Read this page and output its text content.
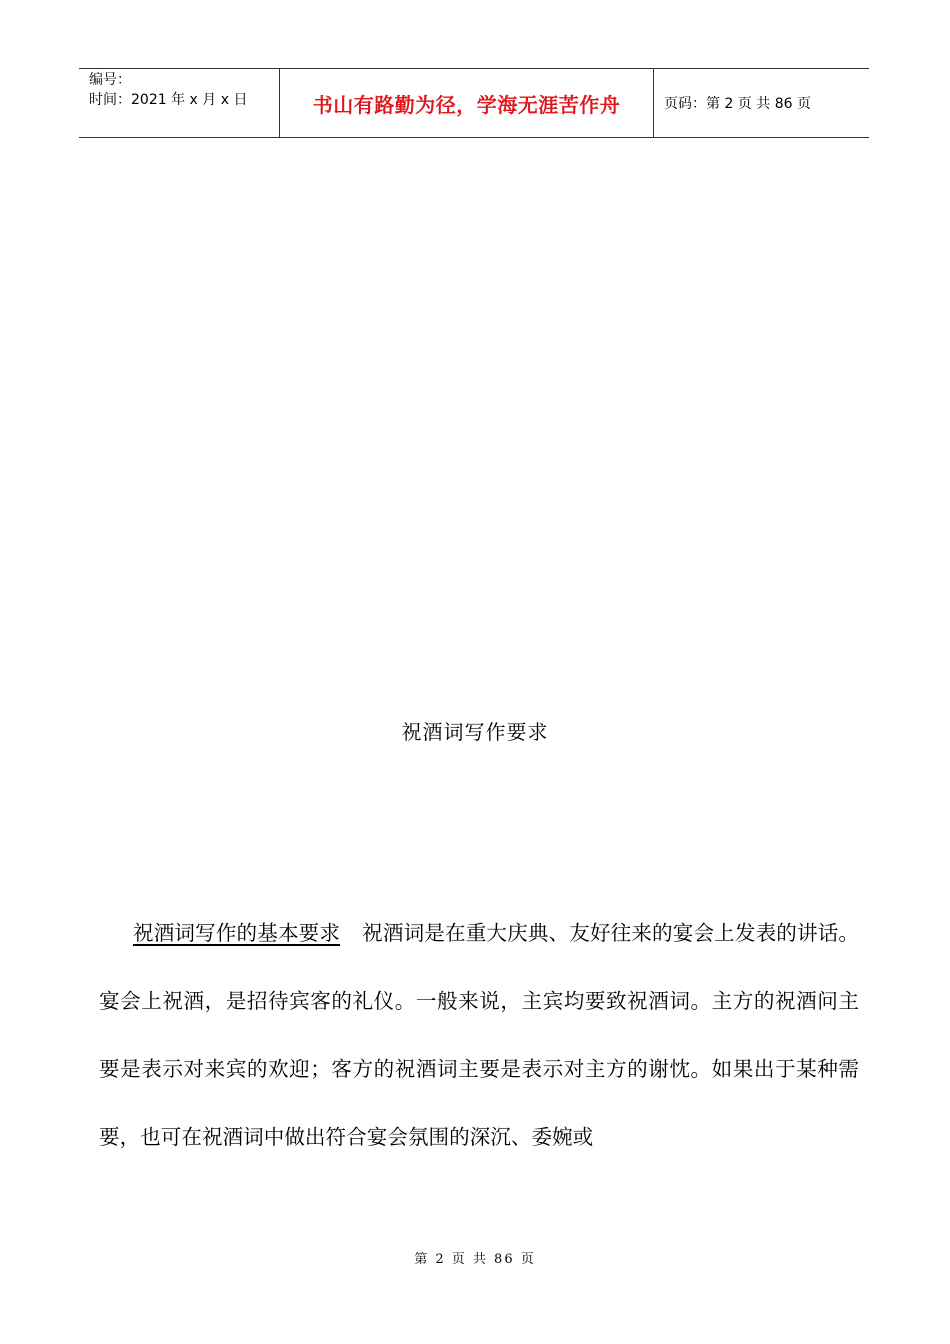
编号：
时间：2021 年 x 月 x 日	书山有路勤为径，学海无涯苦作舟	页码：第 2 页 共 86 页
祝酒词写作要求
祝酒词写作的基本要求 祝酒词是在重大庆典、友好往来的宴会上发表的讲话。宴会上祝酒，是招待宾客的礼仪。一般来说，主宾均要致祝酒词。主方的祝酒问主要是表示对来宾的欢迎；客方的祝酒词主要是表示对主方的谢忱。如果出于某种需要，也可在祝酒词中做出符合宴会氛围的深沉、委婉或
第 2 页 共 86 页
